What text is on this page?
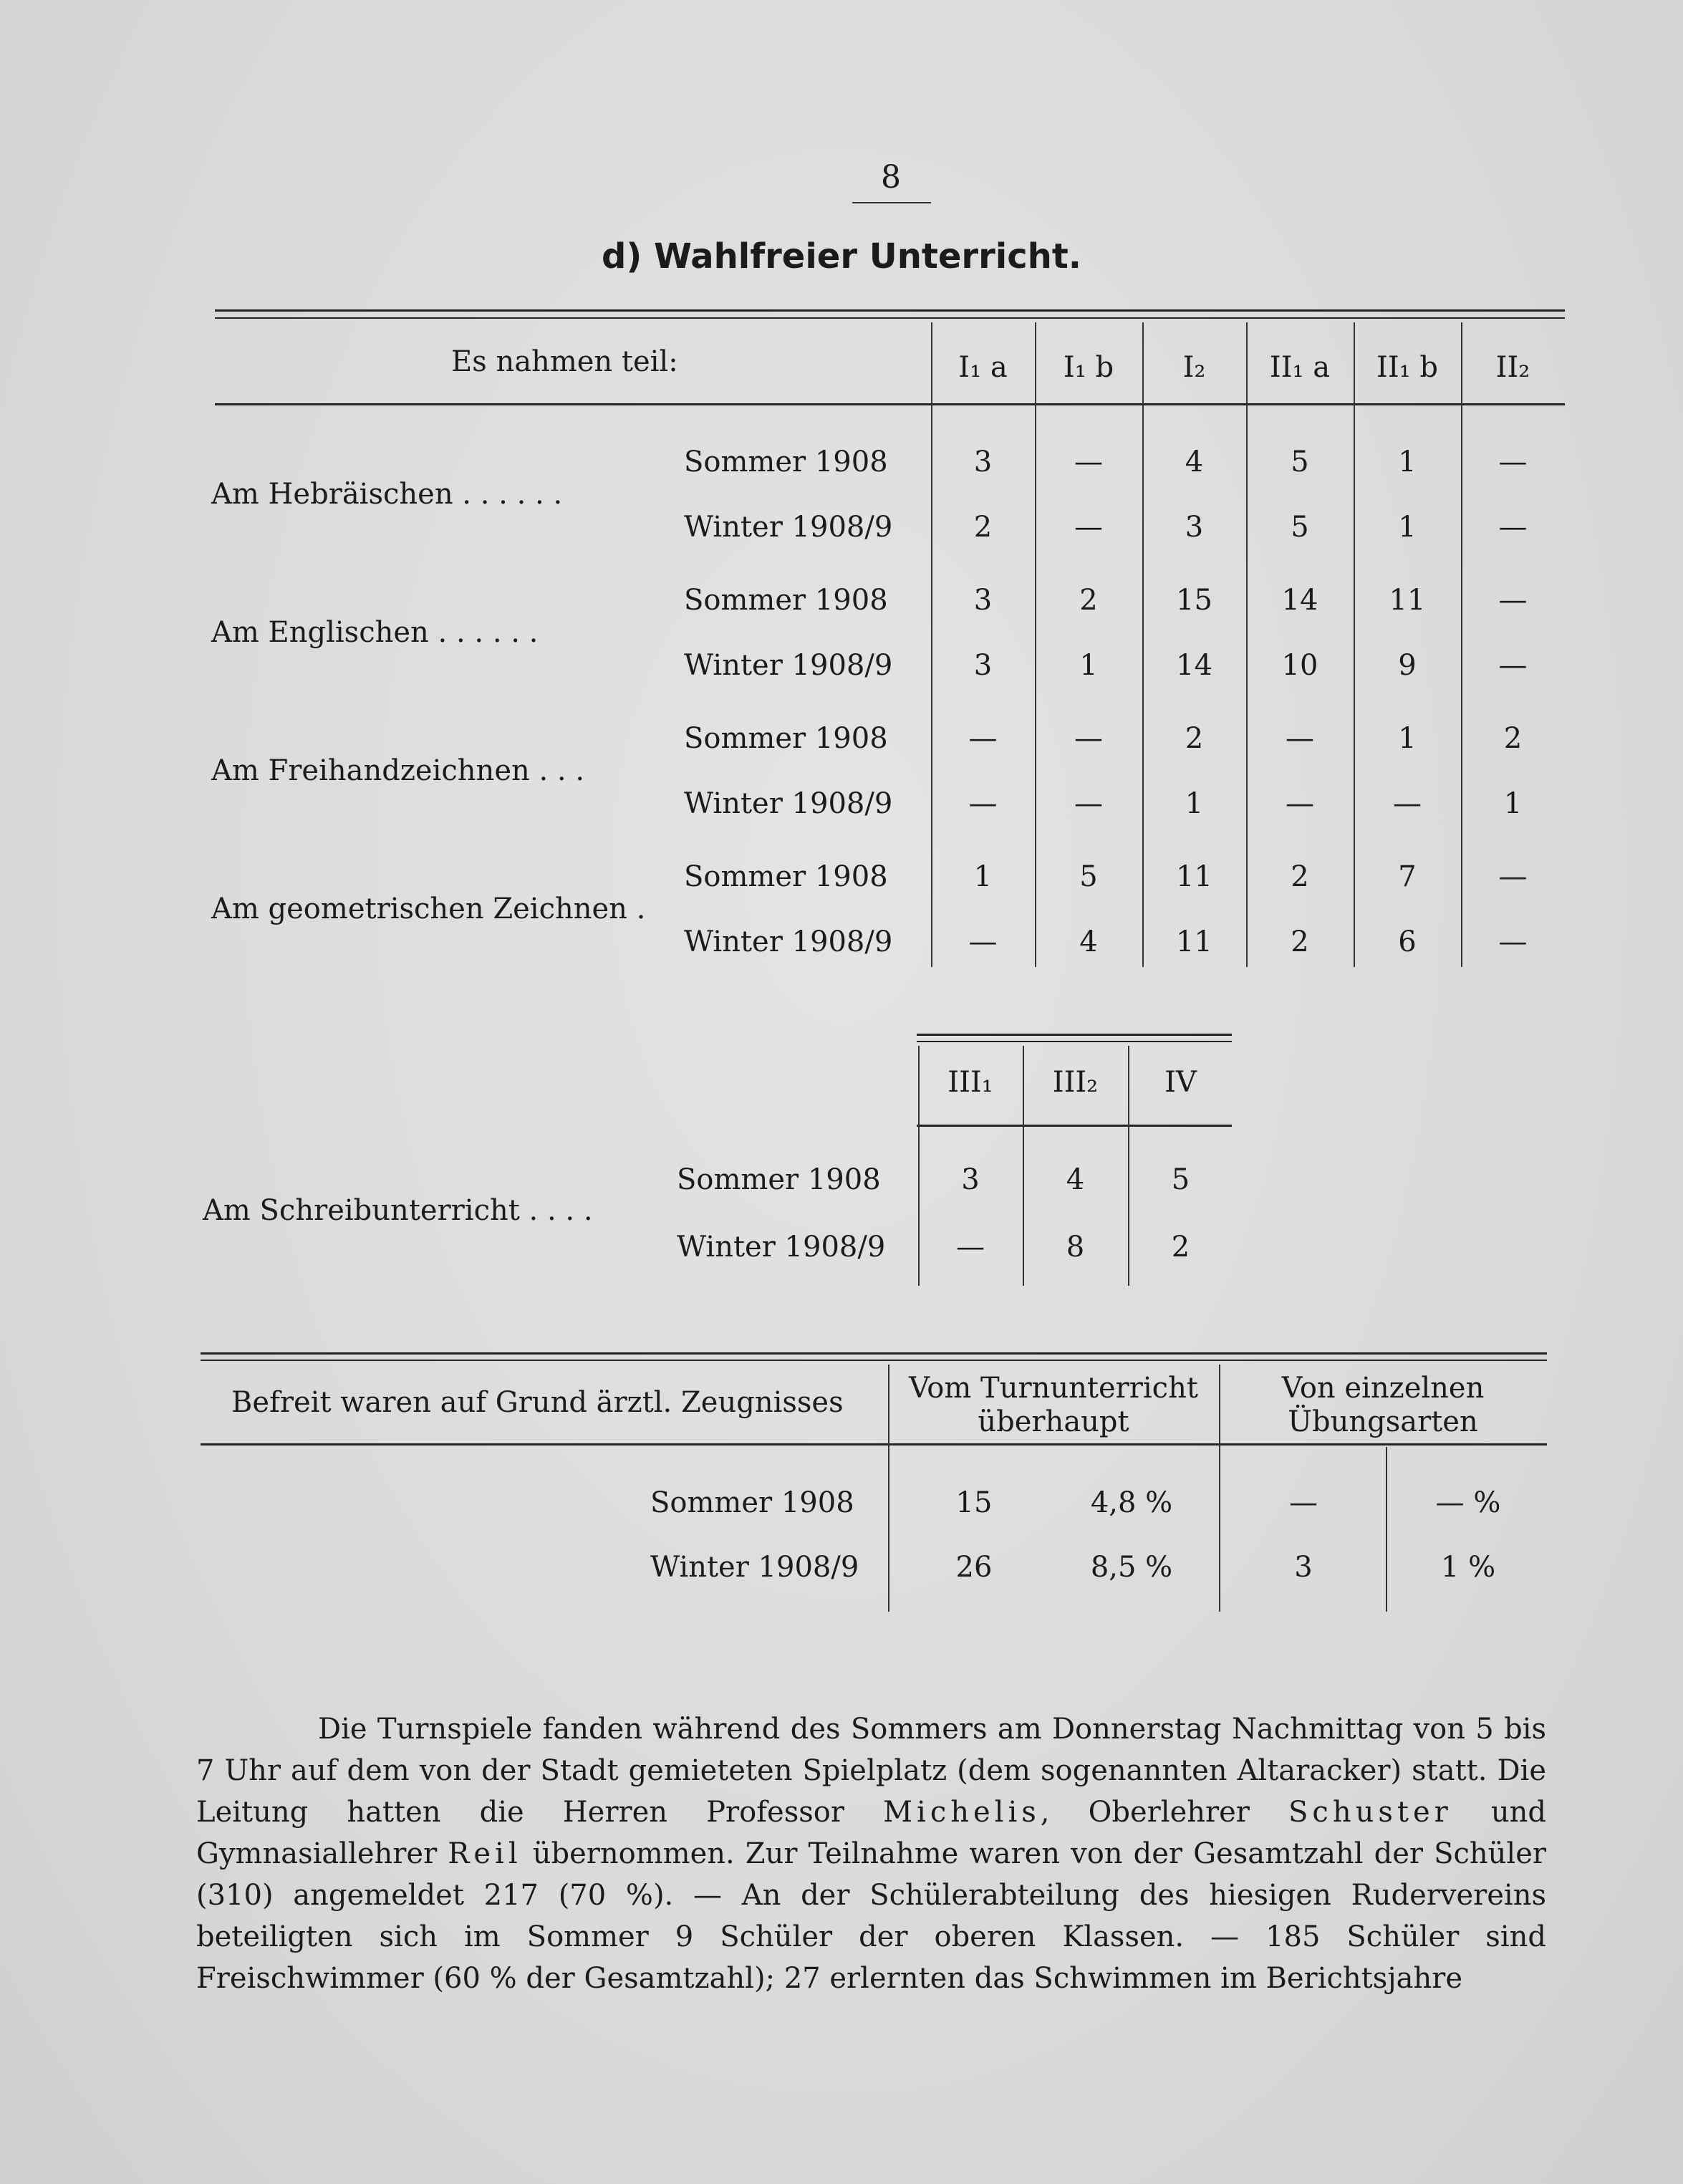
8
d) Wahlfreier Unterricht.
Es nahmen teil:	I₁ a	I₁ b	I₂	II₁ a	II₁ b	II₂
Am Hebräischen . . . . . .
Sommer 1908	3	—	4	5	1	—
Winter 1908/9	2	—	3	5	1	—
Am Englischen . . . . . .
Sommer 1908	3	2	15	14	11	—
Winter 1908/9	3	1	14	10	9	—
Am Freihandzeichnen . . .
Sommer 1908	—	—	2	—	1	2
Winter 1908/9	—	—	1	—	—	1
Am geometrischen Zeichnen .
Sommer 1908	1	5	11	2	7	—
Winter 1908/9	—	4	11	2	6	—
III₁	III₂	IV
Am Schreibunterricht . . . .
Sommer 1908	3	4	5
Winter 1908/9	—	8	2
Befreit waren auf Grund ärztl. Zeugnisses	Vom Turnunterricht
überhaupt
Von einzelnen
Übungsarten
Sommer 1908	15	4,8 %	—	— %
Winter 1908/9	26	8,5 %	3	1 %

Die Turnspiele fanden während des Sommers am Donnerstag Nachmittag von 5 bis 7 Uhr auf dem von der Stadt gemieteten Spielplatz (dem sogenannten Altaracker) statt. Die Leitung hatten die Herren Professor Michelis, Oberlehrer Schuster und Gymnasiallehrer Reil übernommen. Zur Teilnahme waren von der Gesamtzahl der Schüler (310) angemeldet 217 (70 %). — An der Schülerabteilung des hiesigen Rudervereins beteiligten sich im Sommer 9 Schüler der oberen Klassen. — 185 Schüler sind Freischwimmer (60 % der Gesamtzahl); 27 erlernten das Schwimmen im Berichtsjahre
